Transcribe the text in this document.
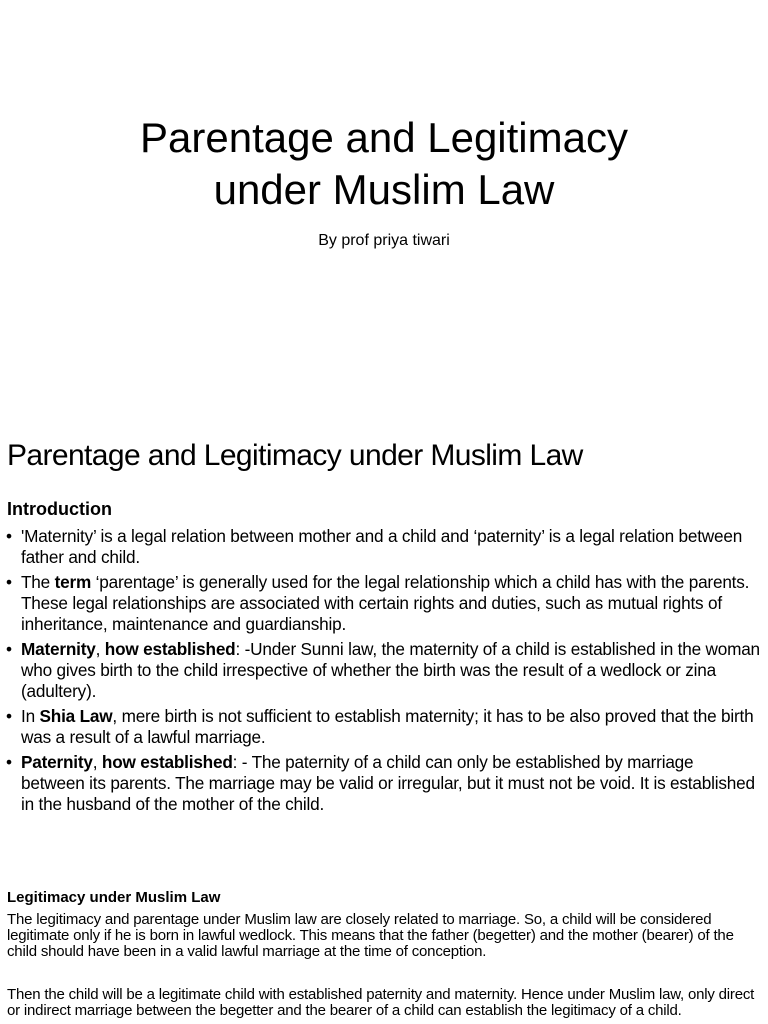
Parentage and Legitimacy
under Muslim Law

By prof priya tiwari

Parentage and Legitimacy under Muslim Law
Introduction
• 'Maternity’ is a legal relation between mother and a child and ‘paternity’ is a legal relation between father and child.
• The term ‘parentage’ is generally used for the legal relationship which a child has with the parents. These legal relationships are associated with certain rights and duties, such as mutual rights of inheritance, maintenance and guardianship.
• Maternity, how established: -Under Sunni law, the maternity of a child is established in the woman who gives birth to the child irrespective of whether the birth was the result of a wedlock or zina (adultery).
• In Shia Law, mere birth is not sufficient to establish maternity; it has to be also proved that the birth was a result of a lawful marriage.
• Paternity, how established: - The paternity of a child can only be established by marriage between its parents. The marriage may be valid or irregular, but it must not be void. It is established in the husband of the mother of the child.
Legitimacy under Muslim Law

The legitimacy and parentage under Muslim law are closely related to marriage. So, a child will be considered legitimate only if he is born in lawful wedlock. This means that the father (begetter) and the mother (bearer) of the child should have been in a valid lawful marriage at the time of conception.

Then the child will be a legitimate child with established paternity and maternity. Hence under Muslim law, only direct or indirect marriage between the begetter and the bearer of a child can establish the legitimacy of a child.
